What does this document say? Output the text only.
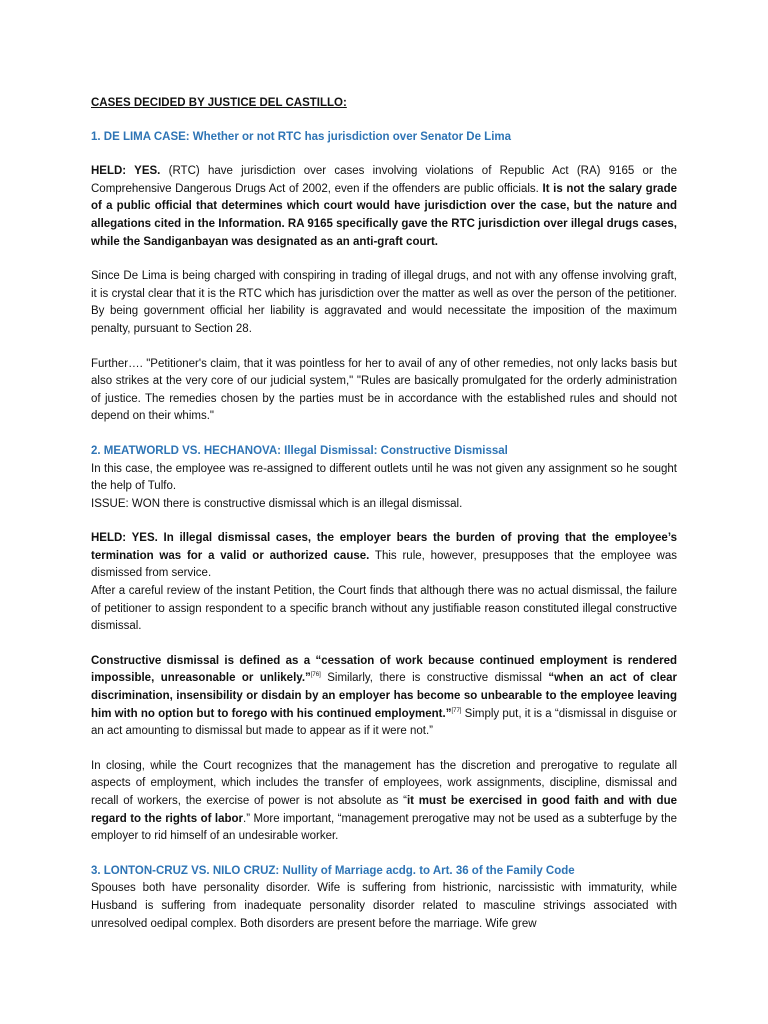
CASES DECIDED BY JUSTICE DEL CASTILLO:
1. DE LIMA CASE: Whether or not RTC has jurisdiction over Senator De Lima

HELD: YES. (RTC) have jurisdiction over cases involving violations of Republic Act (RA) 9165 or the Comprehensive Dangerous Drugs Act of 2002, even if the offenders are public officials. It is not the salary grade of a public official that determines which court would have jurisdiction over the case, but the nature and allegations cited in the Information. RA 9165 specifically gave the RTC jurisdiction over illegal drugs cases, while the Sandiganbayan was designated as an anti-graft court.

Since De Lima is being charged with conspiring in trading of illegal drugs, and not with any offense involving graft, it is crystal clear that it is the RTC which has jurisdiction over the matter as well as over the person of the petitioner. By being government official her liability is aggravated and would necessitate the imposition of the maximum penalty, pursuant to Section 28.

Further…. "Petitioner's claim, that it was pointless for her to avail of any of other remedies, not only lacks basis but also strikes at the very core of our judicial system," "Rules are basically promulgated for the orderly administration of justice. The remedies chosen by the parties must be in accordance with the established rules and should not depend on their whims."

2. MEATWORLD VS. HECHANOVA: Illegal Dismissal: Constructive Dismissal

In this case, the employee was re-assigned to different outlets until he was not given any assignment so he sought the help of Tulfo.

ISSUE: WON there is constructive dismissal which is an illegal dismissal.

HELD: YES. In illegal dismissal cases, the employer bears the burden of proving that the employee’s termination was for a valid or authorized cause. This rule, however, presupposes that the employee was dismissed from service.

After a careful review of the instant Petition, the Court finds that although there was no actual dismissal, the failure of petitioner to assign respondent to a specific branch without any justifiable reason constituted illegal constructive dismissal.

Constructive dismissal is defined as a “cessation of work because continued employment is rendered impossible, unreasonable or unlikely.”[76] Similarly, there is constructive dismissal “when an act of clear discrimination, insensibility or disdain by an employer has become so unbearable to the employee leaving him with no option but to forego with his continued employment.”[77] Simply put, it is a “dismissal in disguise or an act amounting to dismissal but made to appear as if it were not.”

In closing, while the Court recognizes that the management has the discretion and prerogative to regulate all aspects of employment, which includes the transfer of employees, work assignments, discipline, dismissal and recall of workers, the exercise of power is not absolute as “it must be exercised in good faith and with due regard to the rights of labor.” More important, “management prerogative may not be used as a subterfuge by the employer to rid himself of an undesirable worker.

3. LONTON-CRUZ VS. NILO CRUZ: Nullity of Marriage acdg. to Art. 36 of the Family Code

Spouses both have personality disorder. Wife is suffering from histrionic, narcissistic with immaturity, while Husband is suffering from inadequate personality disorder related to masculine strivings associated with unresolved oedipal complex. Both disorders are present before the marriage. Wife grew
